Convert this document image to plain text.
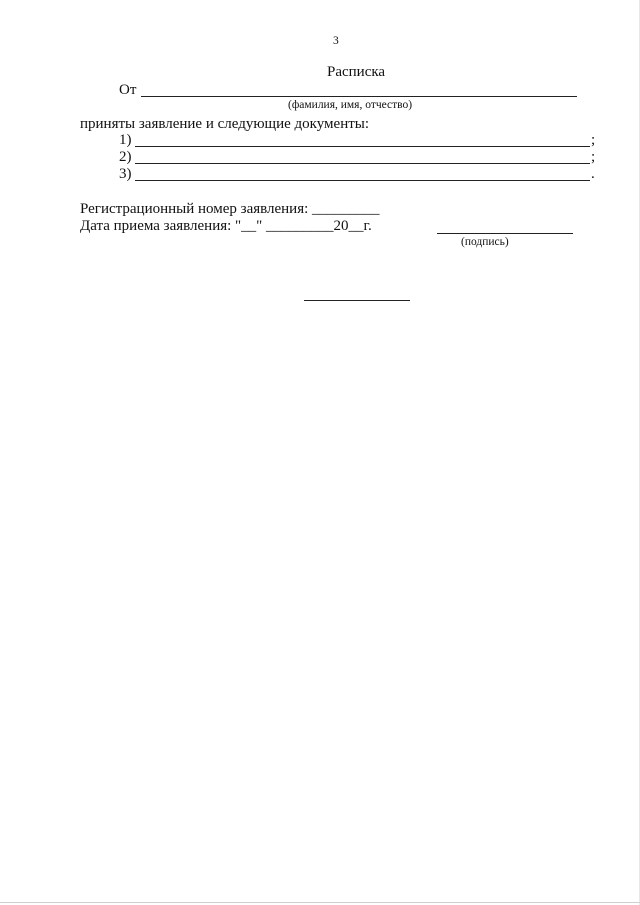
3
Расписка
От
(фамилия, имя, отчество)
приняты заявление и следующие документы:
1)	;
2)	;
3)	.
Регистрационный номер заявления: _________
Дата приема заявления: "__" _________20__г.
(подпись)
